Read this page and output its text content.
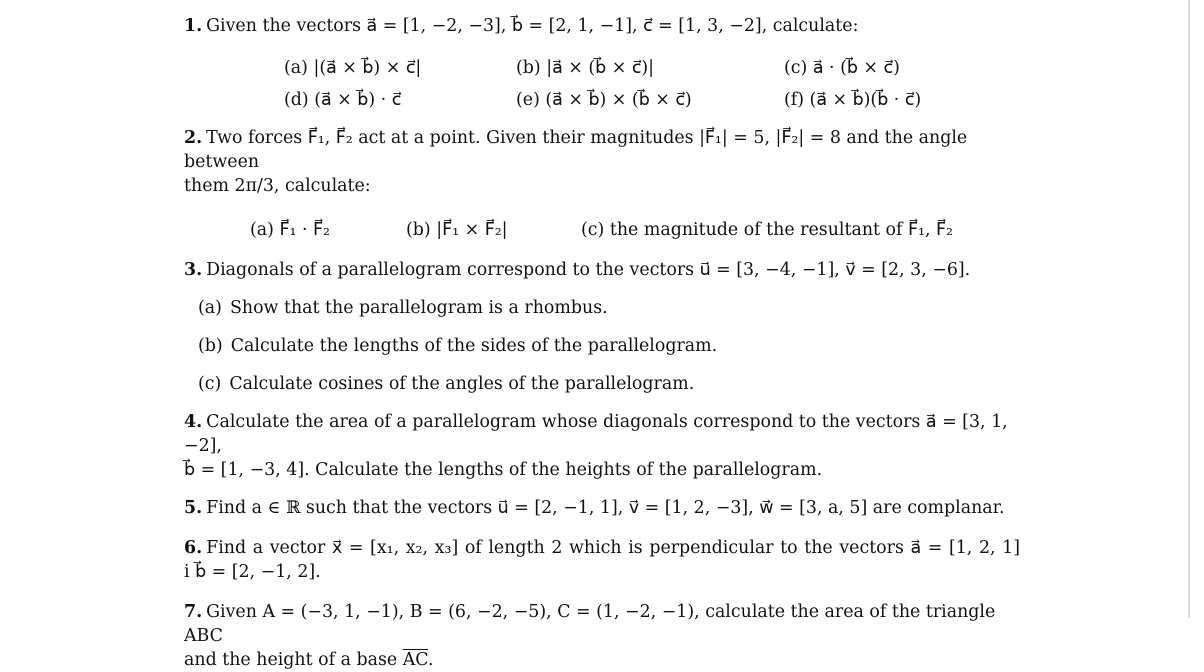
1. Given the vectors a⃗ = [1, −2, −3], b⃗ = [2, 1, −1], c⃗ = [1, 3, −2], calculate:

(a) |(a⃗ × b⃗) × c⃗|	(b) |a⃗ × (b⃗ × c⃗)|	(c) a⃗ · (b⃗ × c⃗)
(d) (a⃗ × b⃗) · c⃗	(e) (a⃗ × b⃗) × (b⃗ × c⃗)	(f) (a⃗ × b⃗)(b⃗ · c⃗)

2. Two forces F⃗₁, F⃗₂ act at a point. Given their magnitudes |F⃗₁| = 5, |F⃗₂| = 8 and the angle between

them 2π/3, calculate:

(a) F⃗₁ · F⃗₂	(b) |F⃗₁ × F⃗₂|	(c) the magnitude of the resultant of F⃗₁, F⃗₂

3. Diagonals of a parallelogram correspond to the vectors u⃗ = [3, −4, −1], v⃗ = [2, 3, −6].

(a) Show that the parallelogram is a rhombus.
(b) Calculate the lengths of the sides of the parallelogram.
(c) Calculate cosines of the angles of the parallelogram.

4. Calculate the area of a parallelogram whose diagonals correspond to the vectors a⃗ = [3, 1, −2],

b⃗ = [1, −3, 4]. Calculate the lengths of the heights of the parallelogram.

5. Find a ∈ ℝ such that the vectors u⃗ = [2, −1, 1], v⃗ = [1, 2, −3], w⃗ = [3, a, 5] are complanar.

6. Find a vector x⃗ = [x₁, x₂, x₃] of length 2 which is perpendicular to the vectors a⃗ = [1, 2, 1]

i b⃗ = [2, −1, 2].

7. Given A = (−3, 1, −1), B = (6, −2, −5), C = (1, −2, −1), calculate the area of the triangle ABC

and the height of a base $\overline{AC}$.
